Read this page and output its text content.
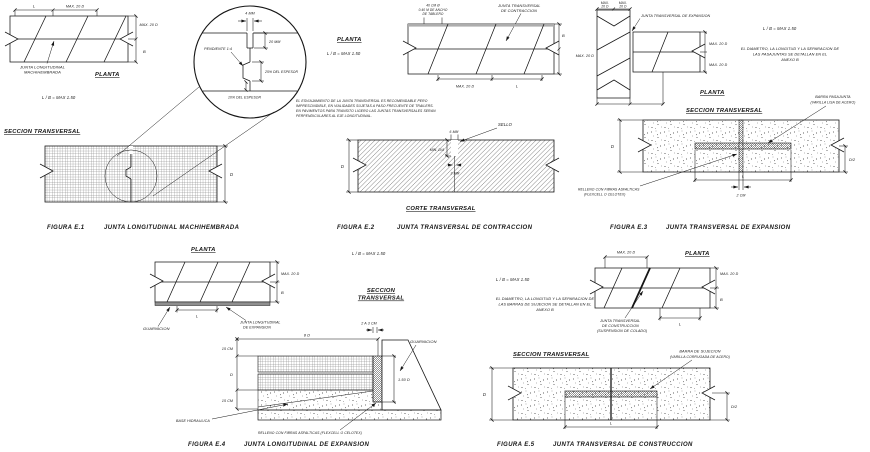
L	MAX. 20 D
MAX. 20 D
B
JUNTA LONGITUDINAL
MACHIHEMBRADA	PLANTA
L / B = MAX 1.50
SECCION TRANSVERSAL
D
FIGURA E.1	JUNTA LONGITUDINAL MACHIHEMBRADA
4 MM
20 MM
PENDIENTE 1:4
25% DEL ESPESOR
10% DEL ESPESOR
PLANTA
L / B = MAX 1.50
40 CM Ø
0.40 M DE ANCHO
DE TABLERO
JUNTA TRANSVERSAL
DE CONTRACCION
B
MAX. 20 D	L
EL ESVIAJAMIENTO DE LA JUNTA TRANSVERSAL ES RECOMENDABLE PERO
IMPRESCINDIBLE, EN VIALIDADES SUJETAS A PASO FRECUENTE DE TRAILERS.
EN PAVIMENTOS PARA TRANSITO LIGERO LAS JUNTAS TRANSVERSALES SERAN
PERPENDICULARES AL EJE LONGITUDINAL.
SELLO
6 MM
MIN. D/4
3 MM
D
CORTE TRANSVERSAL
FIGURA E.2	JUNTA TRANSVERSAL DE CONTRACCION
MAX.
20 D
MAX.
20 D
MAX. 20 D
JUNTA TRANSVERSAL DE EXPANSION
MAX. 20 D
MAX. 20 D
L / B = MAX 1.50
EL DIAMETRO, LA LONGITUD Y LA SEPARACION DE
LAS PASAJUNTAS SE DETALLAN EN EL
ANEXO B
PLANTA
SECCION TRANSVERSAL
BARRA PASAJUNTA
(VARILLA LISA DE ACERO)
D
D/2
L
2 CM
RELLENO CON FIBRAS ASFALTICAS
(FLEXCELL O CELOTEX)
FIGURA E.3	JUNTA TRANSVERSAL DE EXPANSION
PLANTA
MAX. 20 D
B
L
GUARNICION
JUNTA LONGITUDINAL
DE EXPANSION
L / B = MAX 1.50
SECCION
TRANSVERSAL
2 A 3 CM
8 D
1.50 D
GUARNICION
15 CM
D
15 CM
BASE HIDRAULICA
RELLENO CON FIBRAS ASFALTICAS (FLEXCELL O CELOTEX)
FIGURA E.4	JUNTA LONGITUDINAL DE EXPANSION
PLANTA
MAX. 20 D
MAX. 20 D
B
L
L / B = MAX 1.50
EL DIAMETRO, LA LONGITUD Y LA SEPARACION DE
LAS BARRAS DE SUJECION SE DETALLAN EN EL
ANEXO B
JUNTA TRANSVERSAL
DE CONSTRUCCION
(SUSPENSION DE COLADO)
SECCION TRANSVERSAL
BARRA DE SUJECION
(VARILLA CORRUGADA DE ACERO)
D
D/2
L
FIGURA E.5	JUNTA TRANSVERSAL DE CONSTRUCCION
